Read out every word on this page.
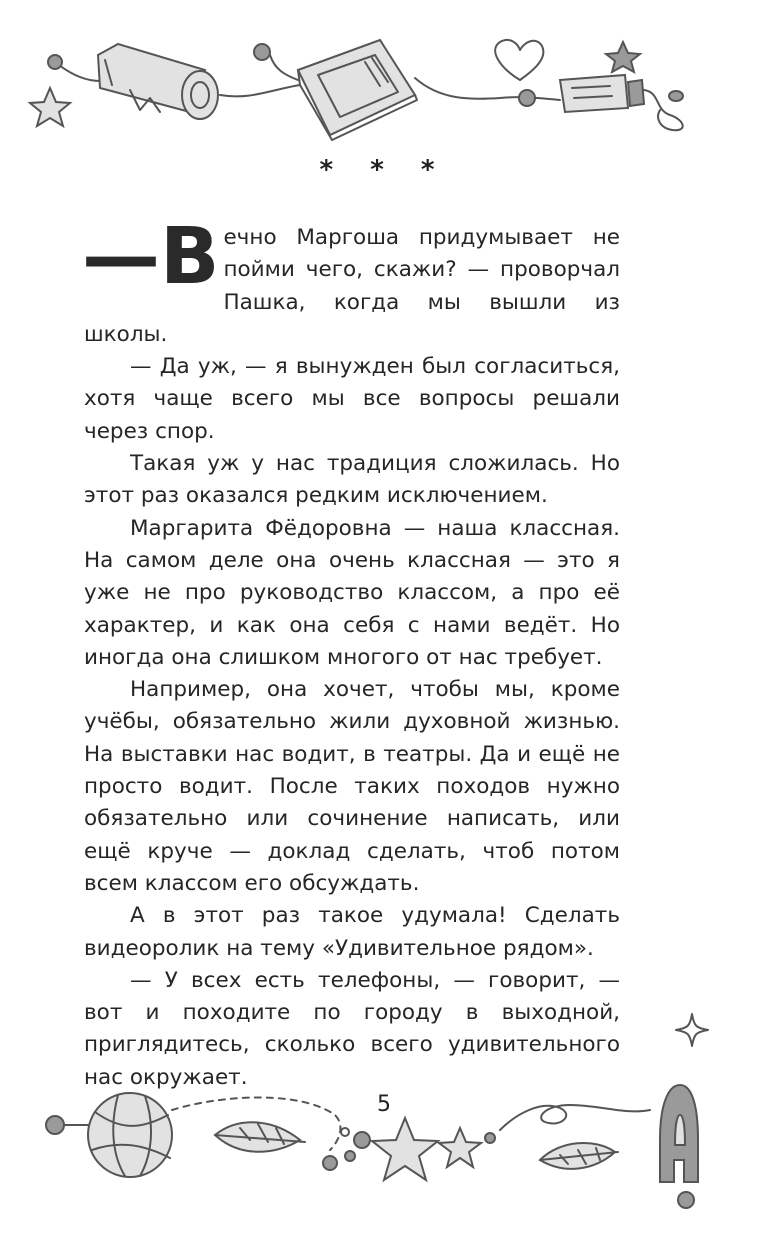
⁎ ⁎ ⁎

—В ечно Маргоша придумывает не пойми чего, скажи? — проворчал Пашка, когда мы вышли из школы.

— Да уж, — я вынужден был согласиться, хотя чаще всего мы все вопросы решали через спор.

Такая уж у нас традиция сложилась. Но этот раз оказался редким исключением.

Маргарита Фёдоровна — наша классная. На самом деле она очень классная — это я уже не про руководство классом, а про её характер, и как она себя с нами ведёт. Но иногда она слишком многого от нас требует.

Например, она хочет, чтобы мы, кроме учёбы, обязательно жили духовной жизнью. На выставки нас водит, в театры. Да и ещё не просто водит. После таких походов нужно обязательно или сочинение написать, или ещё круче — доклад сделать, чтоб потом всем классом его обсуждать.

А в этот раз такое удумала! Сделать видеоролик на тему «Удивительное рядом».

— У всех есть телефоны, — говорит, — вот и походите по городу в выходной, приглядитесь, сколько всего удивительного нас окружает.

5
